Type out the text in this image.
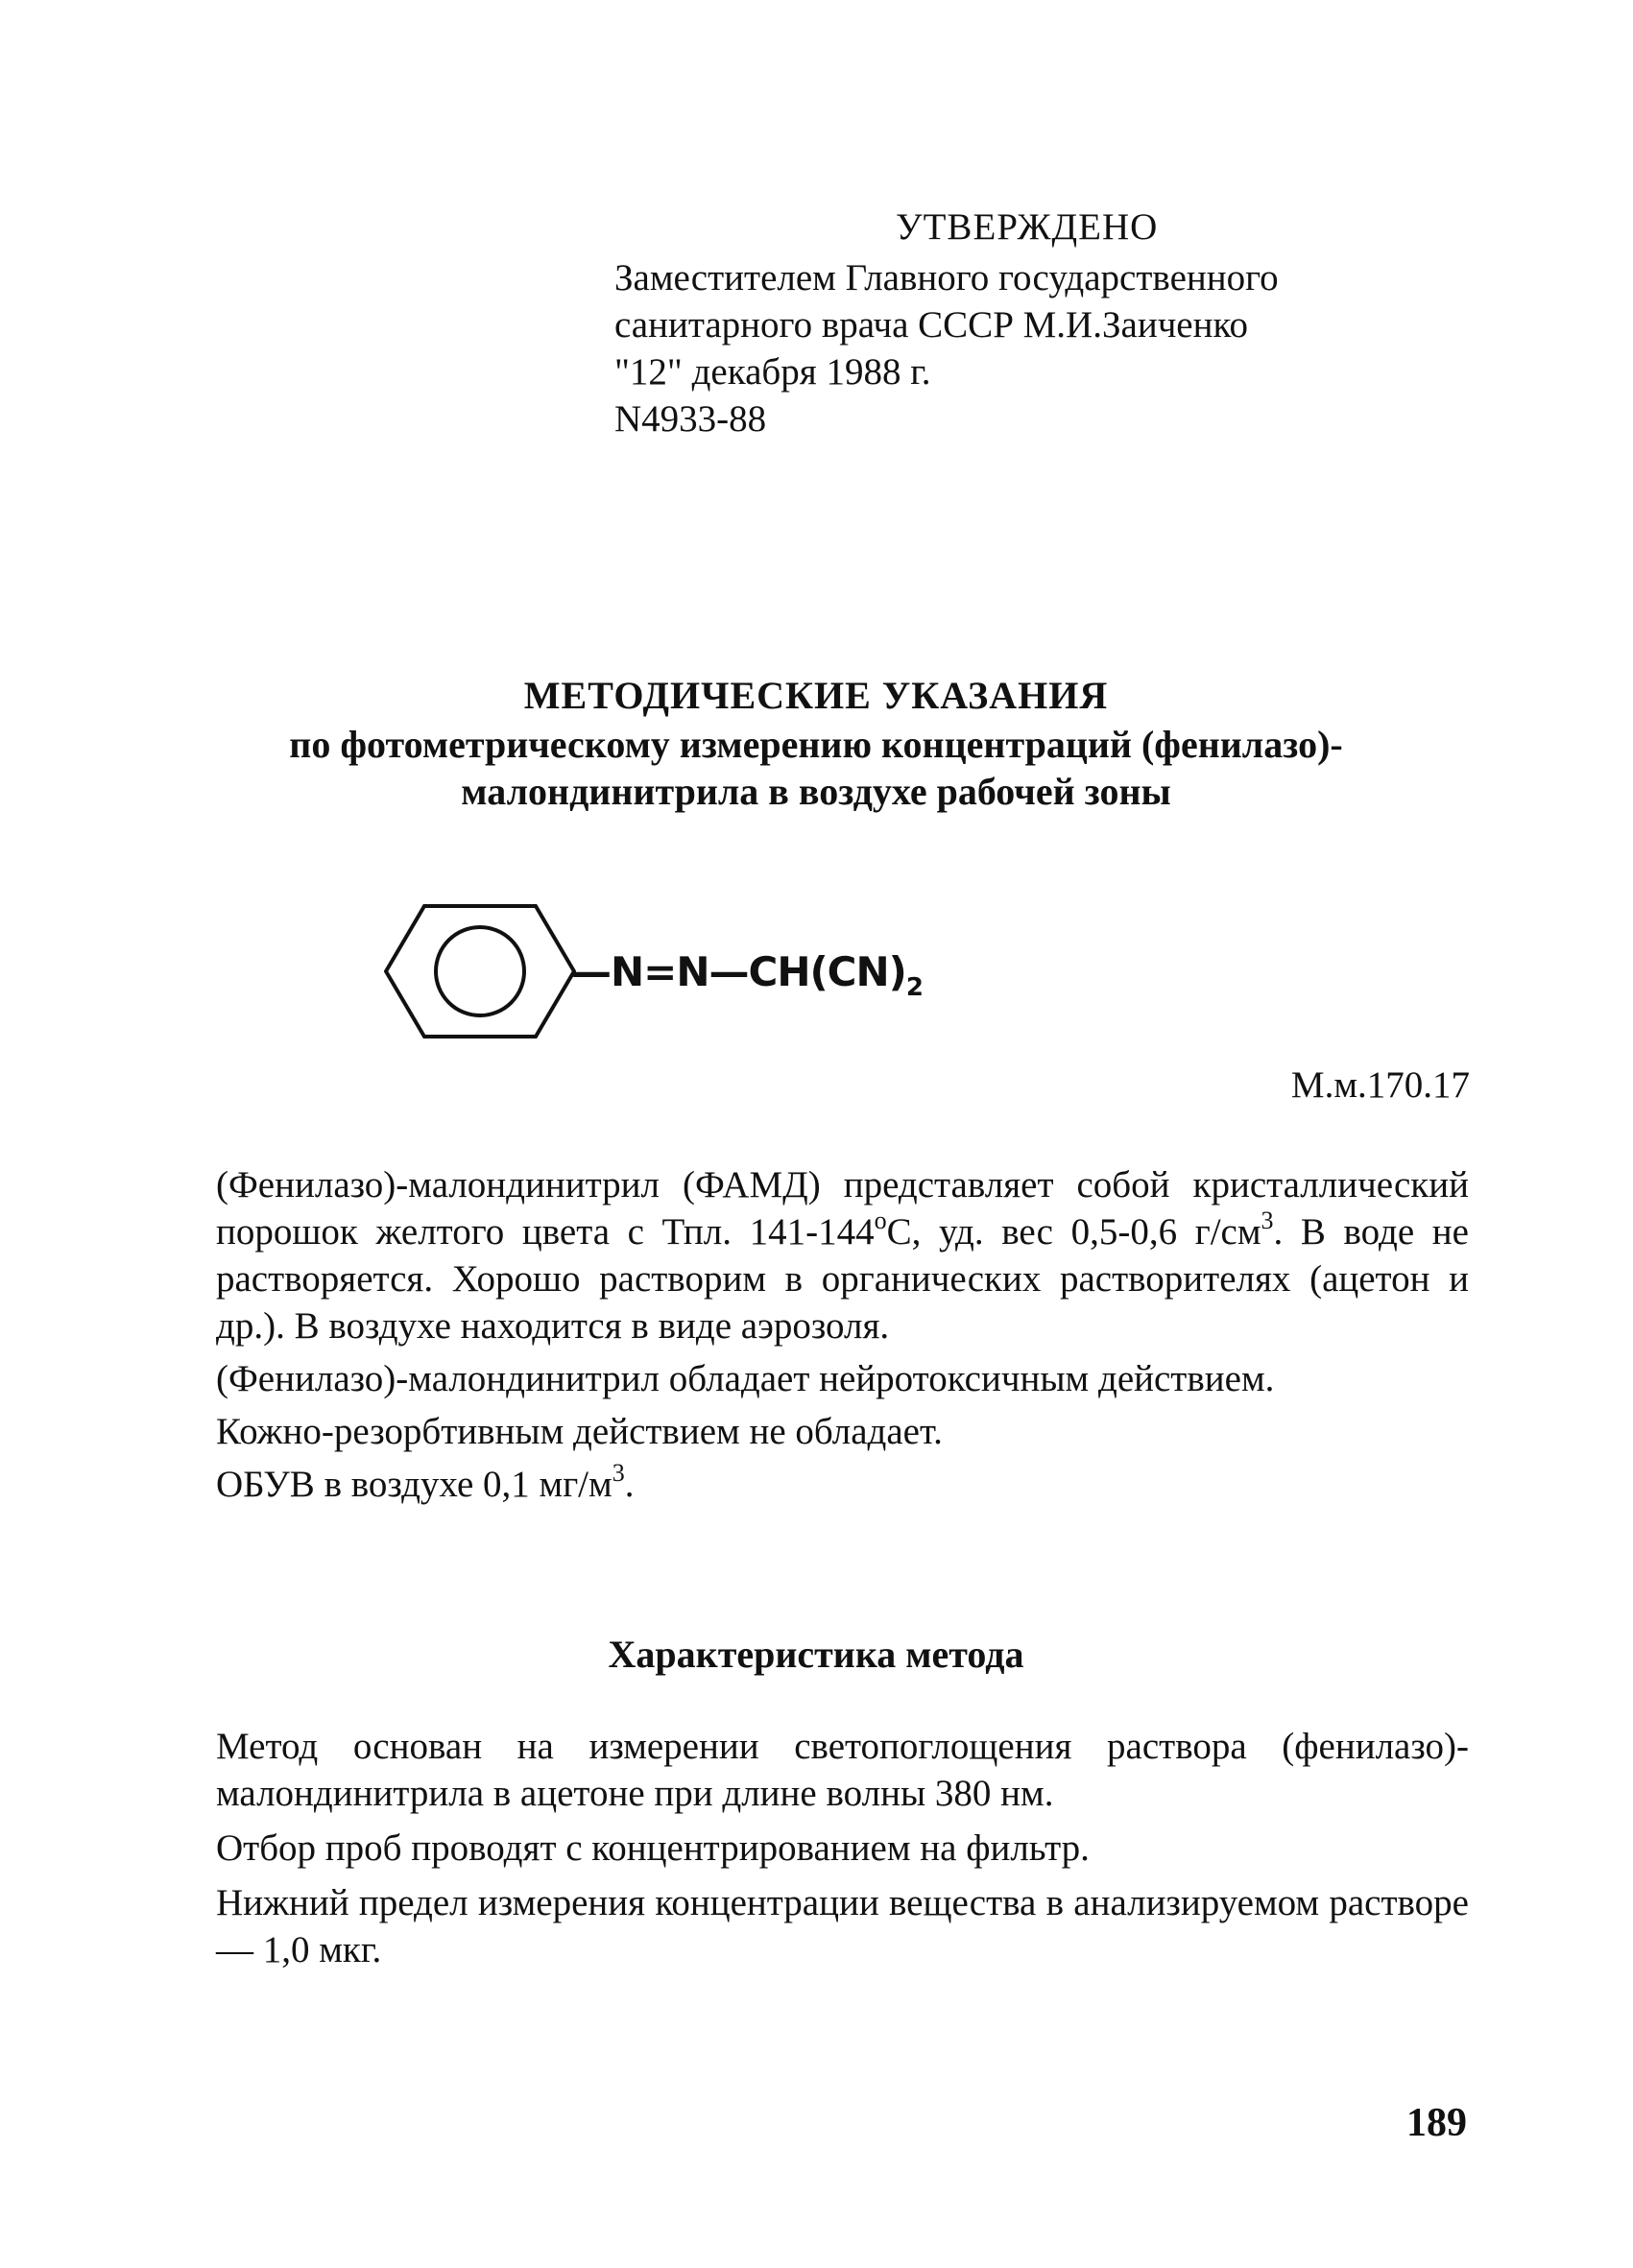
УТВЕРЖДЕНО
Заместителем Главного государственного
санитарного врача СССР М.И.Заиченко
"12" декабря 1988 г.
N4933-88
МЕТОДИЧЕСКИЕ УКАЗАНИЯ
по фотометрическому измерению концентраций (фенилазо)-
малондинитрила в воздухе рабочей зоны
$—N=N—CH(CN)_2$
М.м.170.17
(Фенилазо)-малондинитрил (ФАМД) представляет собой кристаллический порошок желтого цвета с Тпл. $141-144^оС$, уд. вес 0,5-0,6 $г/см^3$. В воде не растворяется. Хорошо растворим в органических растворителях (ацетон и др.). В воздухе находится в виде аэрозоля.
(Фенилазо)-малондинитрил обладает нейротоксичным действием.
Кожно-резорбтивным действием не обладает.
ОБУВ в воздухе 0,1 $мг/м^3$.
Характеристика метода
Метод основан на измерении светопоглощения раствора (фенилазо)-малондинитрила в ацетоне при длине волны 380 нм.
Отбор проб проводят с концентрированием на фильтр.
Нижний предел измерения концентрации вещества в анализируемом растворе — 1,0 мкг.
189
